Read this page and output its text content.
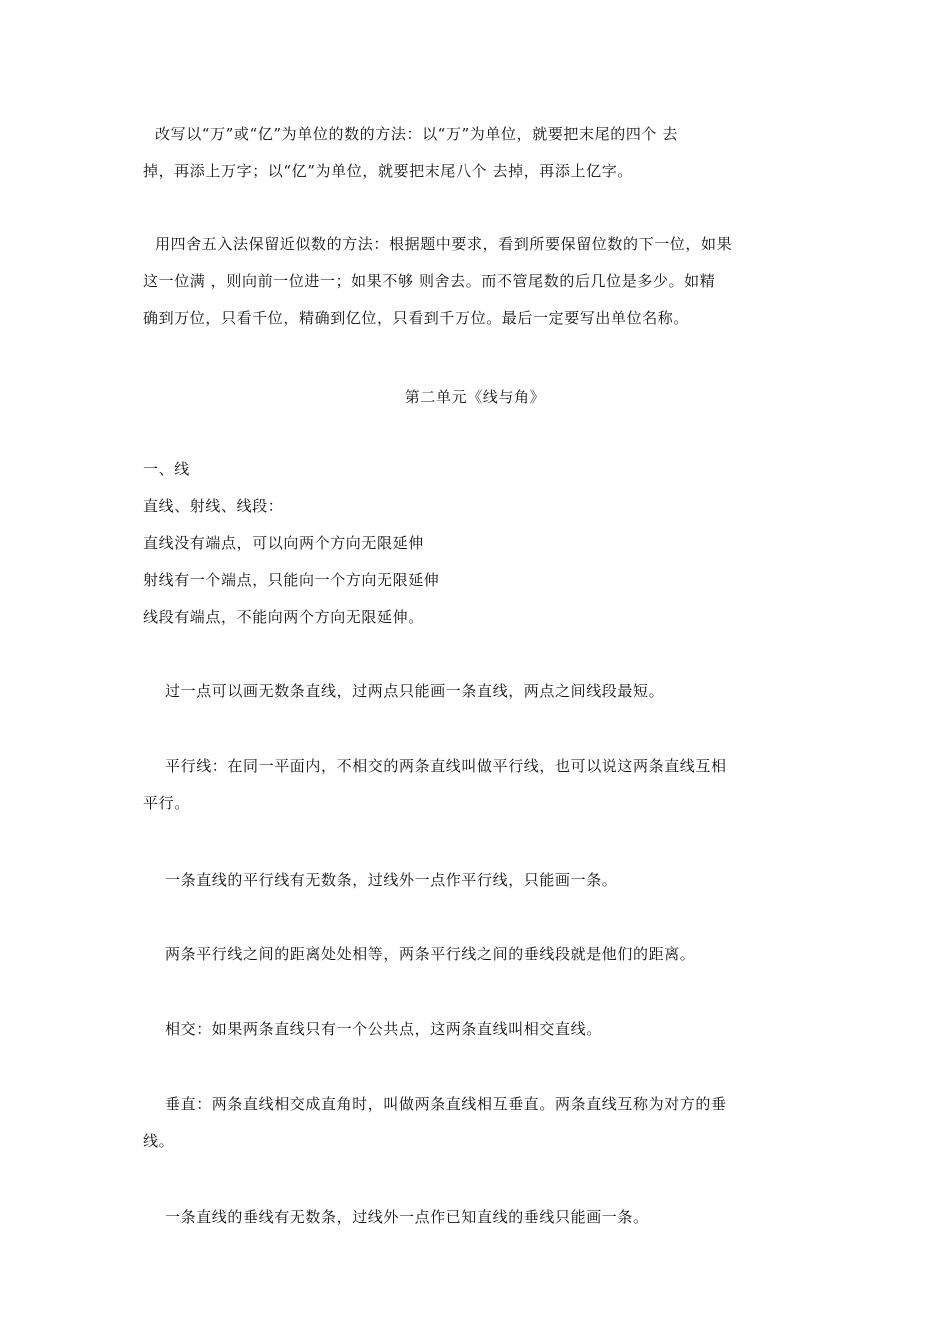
改写以“万”或“亿”为单位的数的方法：以“万”为单位，就要把末尾的四个 去
掉，再添上万字；以“亿”为单位，就要把末尾八个 去掉，再添上亿字。
用四舍五入法保留近似数的方法：根据题中要求，看到所要保留位数的下一位，如果
这一位满 ，则向前一位进一；如果不够 则舍去。而不管尾数的后几位是多少。如精
确到万位，只看千位，精确到亿位，只看到千万位。最后一定要写出单位名称。
第二单元《线与角》
一、线
直线、射线、线段：
直线没有端点，可以向两个方向无限延伸
射线有一个端点，只能向一个方向无限延伸
线段有端点，不能向两个方向无限延伸。
过一点可以画无数条直线，过两点只能画一条直线，两点之间线段最短。
平行线：在同一平面内，不相交的两条直线叫做平行线，也可以说这两条直线互相
平行。
一条直线的平行线有无数条，过线外一点作平行线，只能画一条。
两条平行线之间的距离处处相等，两条平行线之间的垂线段就是他们的距离。
相交：如果两条直线只有一个公共点，这两条直线叫相交直线。
垂直：两条直线相交成直角时，叫做两条直线相互垂直。两条直线互称为对方的垂
线。
一条直线的垂线有无数条，过线外一点作已知直线的垂线只能画一条。
